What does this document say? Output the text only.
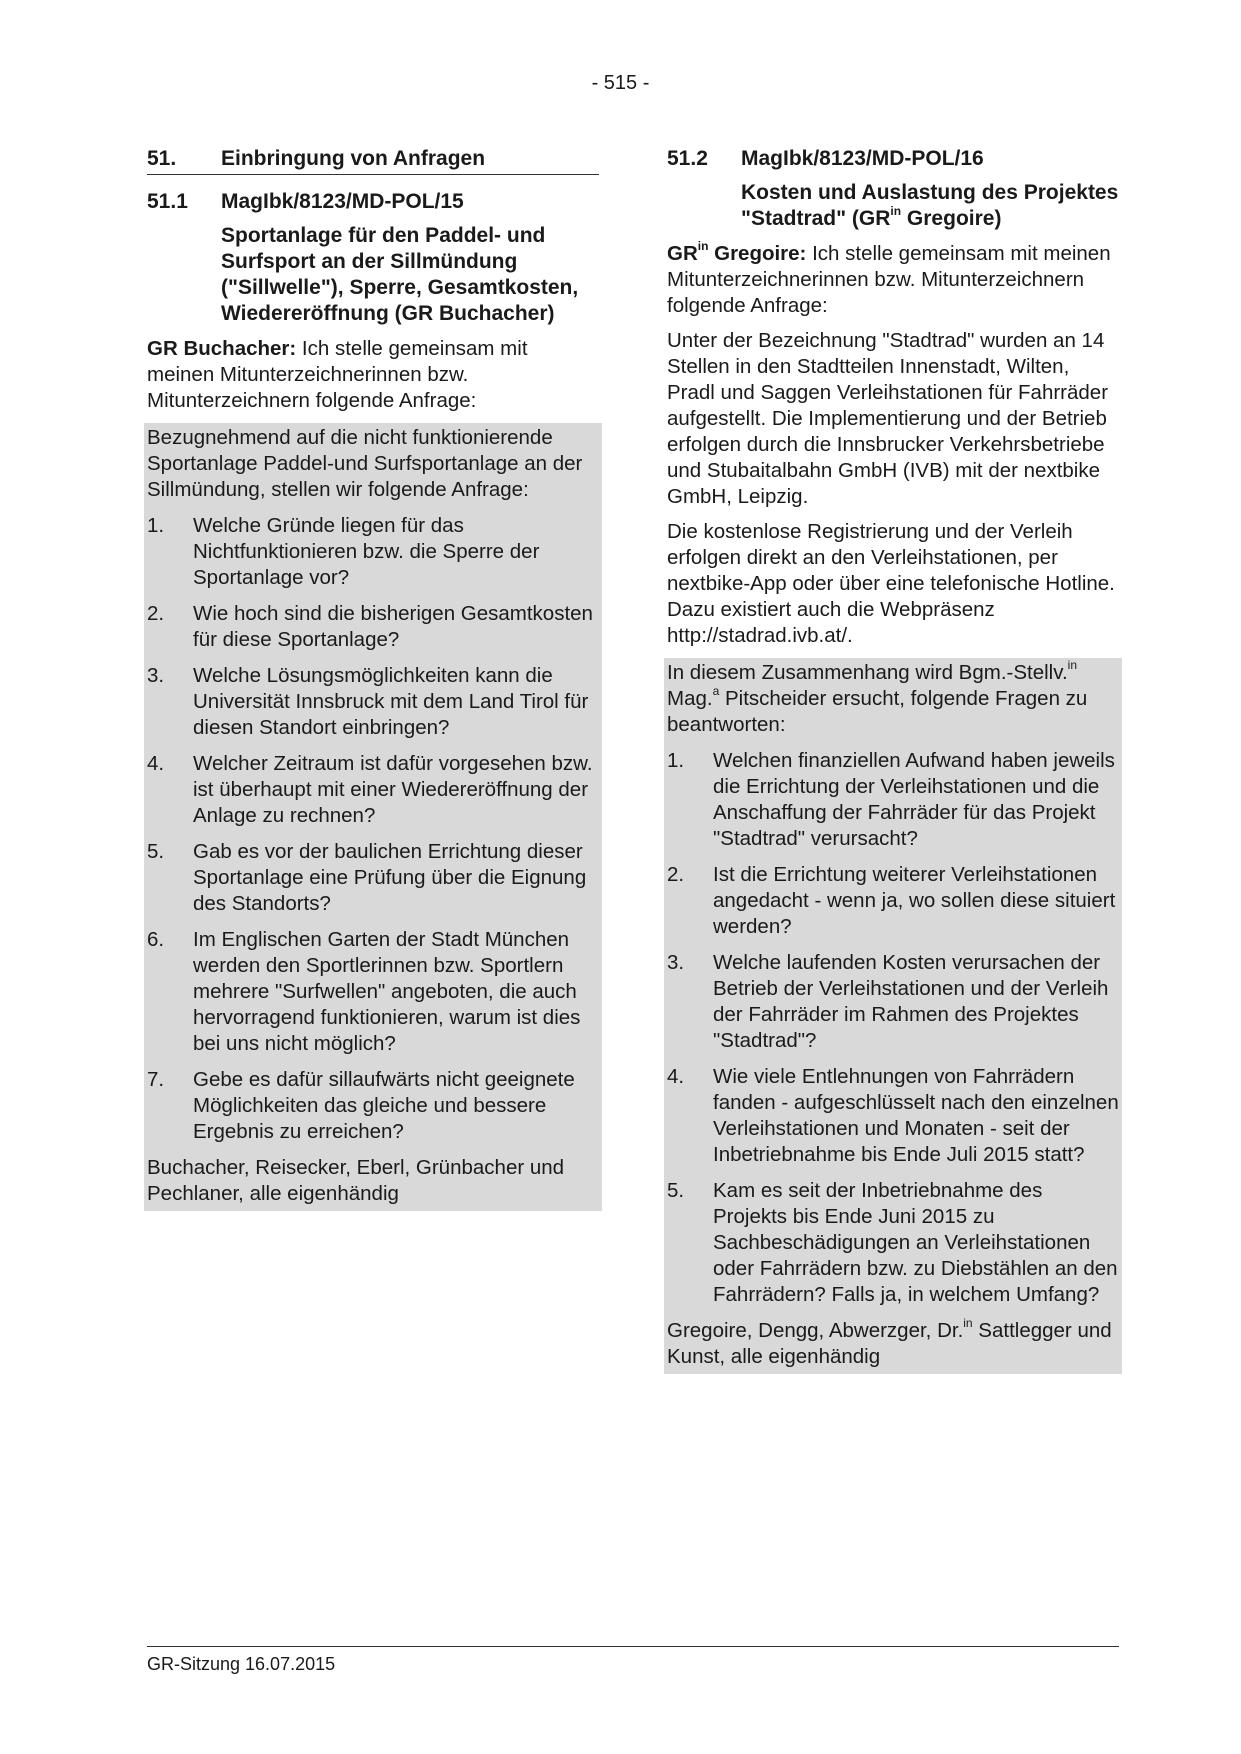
- 515 -
51.	Einbringung von Anfragen
51.1	MagIbk/8123/MD-POL/15
Sportanlage für den Paddel- und Surfsport an der Sillmündung ("Sillwelle"), Sperre, Gesamtkosten, Wiedereröffnung (GR Buchacher)

GR Buchacher: Ich stelle gemeinsam mit meinen Mitunterzeichnerinnen bzw. Mitunterzeichnern folgende Anfrage:

Bezugnehmend auf die nicht funktionierende Sportanlage Paddel-und Surfsportanlage an der Sillmündung, stellen wir folgende Anfrage:

1.	Welche Gründe liegen für das Nichtfunktionieren bzw. die Sperre der Sportanlage vor?
2.	Wie hoch sind die bisherigen Gesamtkosten für diese Sportanlage?
3.	Welche Lösungsmöglichkeiten kann die Universität Innsbruck mit dem Land Tirol für diesen Standort einbringen?
4.	Welcher Zeitraum ist dafür vorgesehen bzw. ist überhaupt mit einer Wiedereröffnung der Anlage zu rechnen?
5.	Gab es vor der baulichen Errichtung dieser Sportanlage eine Prüfung über die Eignung des Standorts?
6.	Im Englischen Garten der Stadt München werden den Sportlerinnen bzw. Sportlern mehrere "Surfwellen" angeboten, die auch hervorragend funktionieren, warum ist dies bei uns nicht möglich?
7.	Gebe es dafür sillaufwärts nicht geeignete Möglichkeiten das gleiche und bessere Ergebnis zu erreichen?

Buchacher, Reisecker, Eberl, Grünbacher und Pechlaner, alle eigenhändig

51.2	MagIbk/8123/MD-POL/16
Kosten und Auslastung des Projektes "Stadtrad" ($GR^{in}$ Gregoire)

$GR^{in}$ Gregoire: Ich stelle gemeinsam mit meinen Mitunterzeichnerinnen bzw. Mitunterzeichnern folgende Anfrage:

Unter der Bezeichnung "Stadtrad" wurden an 14 Stellen in den Stadtteilen Innenstadt, Wilten, Pradl und Saggen Verleihstationen für Fahrräder aufgestellt. Die Implementierung und der Betrieb erfolgen durch die Innsbrucker Verkehrsbetriebe und Stubaitalbahn GmbH (IVB) mit der nextbike GmbH, Leipzig.

Die kostenlose Registrierung und der Verleih erfolgen direkt an den Verleihstationen, per nextbike-App oder über eine telefonische Hotline. Dazu existiert auch die Webpräsenz http://stadrad.ivb.at/.

In diesem Zusammenhang wird Bgm.-Stellv.$^{in}$ Mag.$^a$ Pitscheider ersucht, folgende Fragen zu beantworten:

1.	Welchen finanziellen Aufwand haben jeweils die Errichtung der Verleihstationen und die Anschaffung der Fahrräder für das Projekt "Stadtrad" verursacht?
2.	Ist die Errichtung weiterer Verleihstationen angedacht - wenn ja, wo sollen diese situiert werden?
3.	Welche laufenden Kosten verursachen der Betrieb der Verleihstationen und der Verleih der Fahrräder im Rahmen des Projektes "Stadtrad"?
4.	Wie viele Entlehnungen von Fahrrädern fanden - aufgeschlüsselt nach den einzelnen Verleihstationen und Monaten - seit der Inbetriebnahme bis Ende Juli 2015 statt?
5.	Kam es seit der Inbetriebnahme des Projekts bis Ende Juni 2015 zu Sachbeschädigungen an Verleihstationen oder Fahrrädern bzw. zu Diebstählen an den Fahrrädern? Falls ja, in welchem Umfang?

Gregoire, Dengg, Abwerzger, Dr.$^{in}$ Sattlegger und Kunst, alle eigenhändig

GR-Sitzung 16.07.2015
